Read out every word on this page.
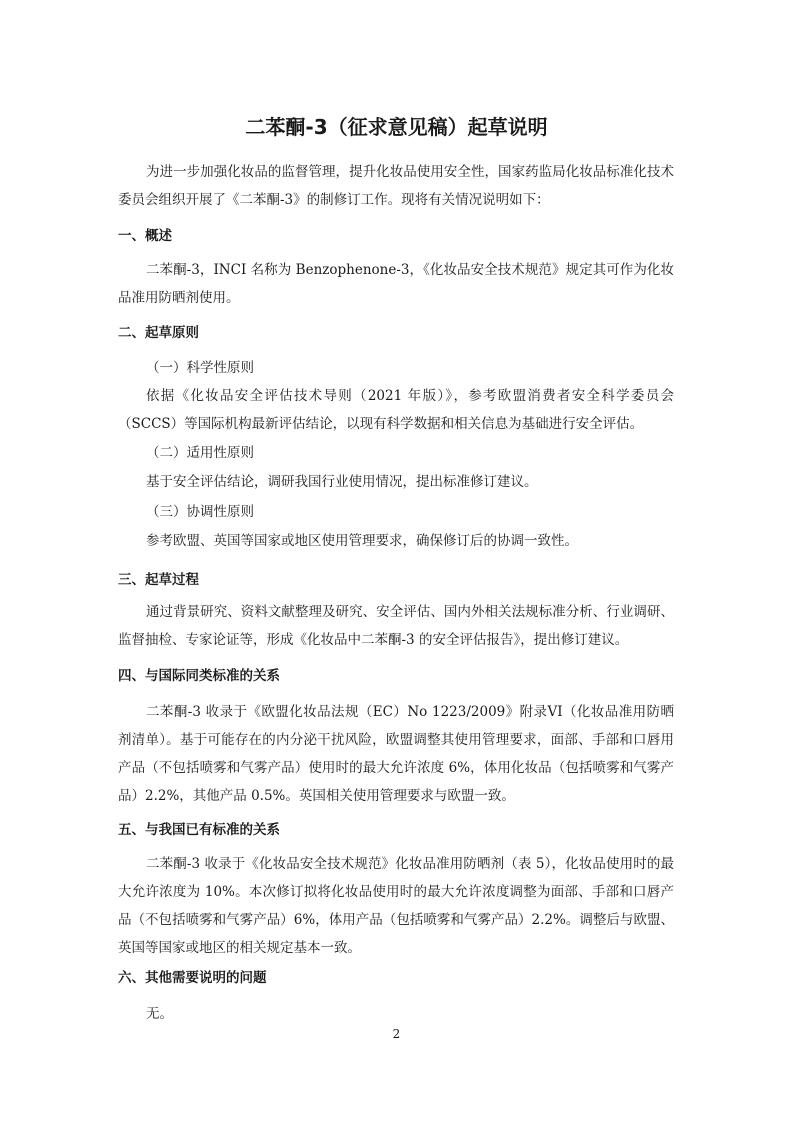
二苯酮-3（征求意见稿）起草说明

为进一步加强化妆品的监督管理，提升化妆品使用安全性，国家药监局化妆品标准化技术委员会组织开展了《二苯酮-3》的制修订工作。现将有关情况说明如下：

一、概述

二苯酮-3，INCI 名称为 Benzophenone-3，《化妆品安全技术规范》规定其可作为化妆品准用防晒剂使用。

二、起草原则

（一）科学性原则

依据《化妆品安全评估技术导则（2021 年版）》，参考欧盟消费者安全科学委员会（SCCS）等国际机构最新评估结论，以现有科学数据和相关信息为基础进行安全评估。

（二）适用性原则

基于安全评估结论，调研我国行业使用情况，提出标准修订建议。

（三）协调性原则

参考欧盟、英国等国家或地区使用管理要求，确保修订后的协调一致性。

三、起草过程

通过背景研究、资料文献整理及研究、安全评估、国内外相关法规标准分析、行业调研、监督抽检、专家论证等，形成《化妆品中二苯酮-3 的安全评估报告》，提出修订建议。

四、与国际同类标准的关系

二苯酮-3 收录于《欧盟化妆品法规（EC）No 1223/2009》附录VI（化妆品准用防晒剂清单）。基于可能存在的内分泌干扰风险，欧盟调整其使用管理要求，面部、手部和口唇用产品（不包括喷雾和气雾产品）使用时的最大允许浓度 6%，体用化妆品（包括喷雾和气雾产品）2.2%，其他产品 0.5%。英国相关使用管理要求与欧盟一致。

五、与我国已有标准的关系

二苯酮-3 收录于《化妆品安全技术规范》化妆品准用防晒剂（表 5），化妆品使用时的最大允许浓度为 10%。本次修订拟将化妆品使用时的最大允许浓度调整为面部、手部和口唇产品（不包括喷雾和气雾产品）6%，体用产品（包括喷雾和气雾产品）2.2%。调整后与欧盟、英国等国家或地区的相关规定基本一致。

六、其他需要说明的问题

无。

2
